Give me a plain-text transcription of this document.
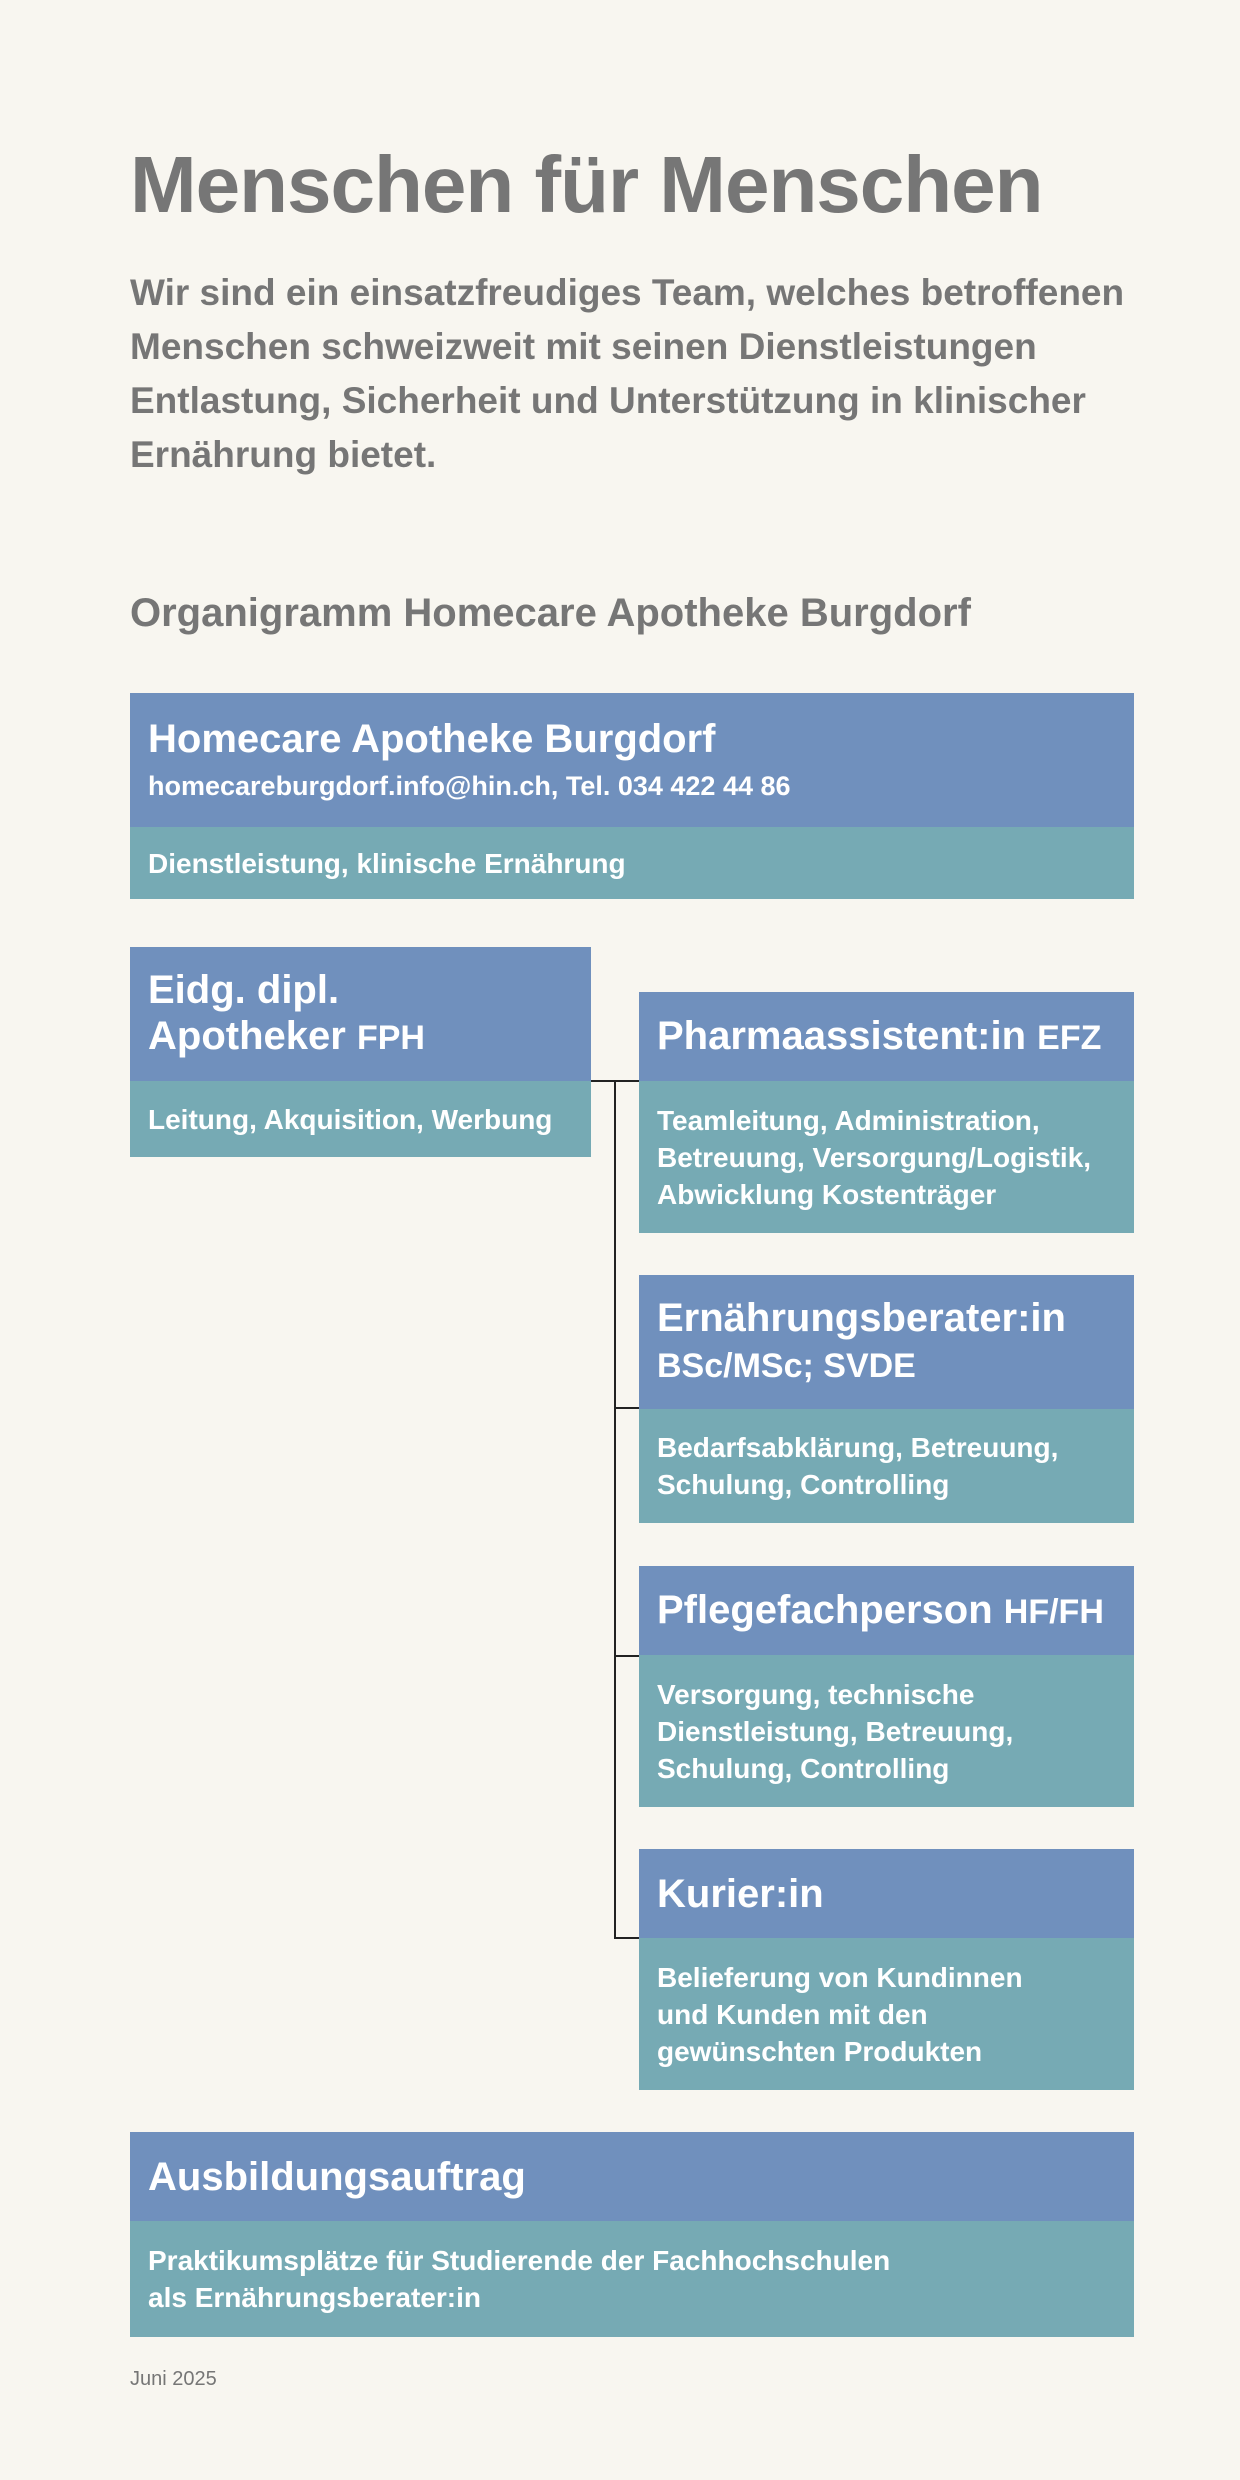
Menschen für Menschen
Wir sind ein einsatzfreudiges Team, welches betroffenen Menschen schweizweit mit seinen Dienstleistungen Entlastung, Sicherheit und Unterstützung in klinischer Ernährung bietet.
Organigramm Homecare Apotheke Burgdorf
Homecare Apotheke Burgdorf
homecareburgdorf.info@hin.ch, Tel. 034 422 44 86
Dienstleistung, klinische Ernährung
Eidg. dipl.
Apotheker FPH
Leitung, Akquisition, Werbung
Pharmaassistent:in EFZ
Teamleitung, Administration,
Betreuung, Versorgung/Logistik,
Abwicklung Kostenträger
Ernährungsberater:in
BSc/MSc; SVDE
Bedarfsabklärung, Betreuung,
Schulung, Controlling
Pflegefachperson HF/FH
Versorgung, technische
Dienstleistung, Betreuung,
Schulung, Controlling
Kurier:in
Belieferung von Kundinnen
und Kunden mit den
gewünschten Produkten
Ausbildungsauftrag
Praktikumsplätze für Studierende der Fachhochschulen
als Ernährungsberater:in
Juni 2025
